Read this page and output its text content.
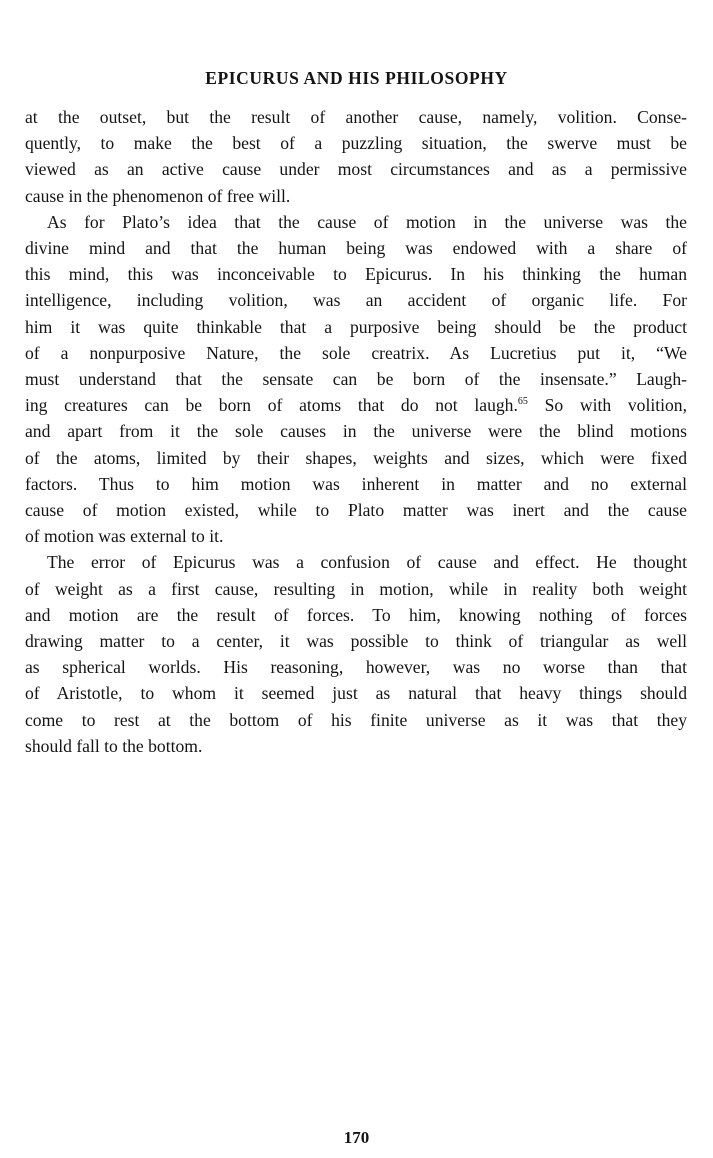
EPICURUS AND HIS PHILOSOPHY

at the outset, but the result of another cause, namely, volition. Conse-
quently, to make the best of a puzzling situation, the swerve must be
viewed as an active cause under most circumstances and as a permissive
cause in the phenomenon of free will.

As for Plato’s idea that the cause of motion in the universe was the
divine mind and that the human being was endowed with a share of
this mind, this was inconceivable to Epicurus. In his thinking the human
intelligence, including volition, was an accident of organic life. For
him it was quite thinkable that a purposive being should be the product
of a nonpurposive Nature, the sole creatrix. As Lucretius put it, “We
must understand that the sensate can be born of the insensate.” Laugh-
ing creatures can be born of atoms that do not laugh.$^{65}$ So with volition,
and apart from it the sole causes in the universe were the blind motions
of the atoms, limited by their shapes, weights and sizes, which were fixed
factors. Thus to him motion was inherent in matter and no external
cause of motion existed, while to Plato matter was inert and the cause
of motion was external to it.

The error of Epicurus was a confusion of cause and effect. He thought
of weight as a first cause, resulting in motion, while in reality both weight
and motion are the result of forces. To him, knowing nothing of forces
drawing matter to a center, it was possible to think of triangular as well
as spherical worlds. His reasoning, however, was no worse than that
of Aristotle, to whom it seemed just as natural that heavy things should
come to rest at the bottom of his finite universe as it was that they
should fall to the bottom.

170
